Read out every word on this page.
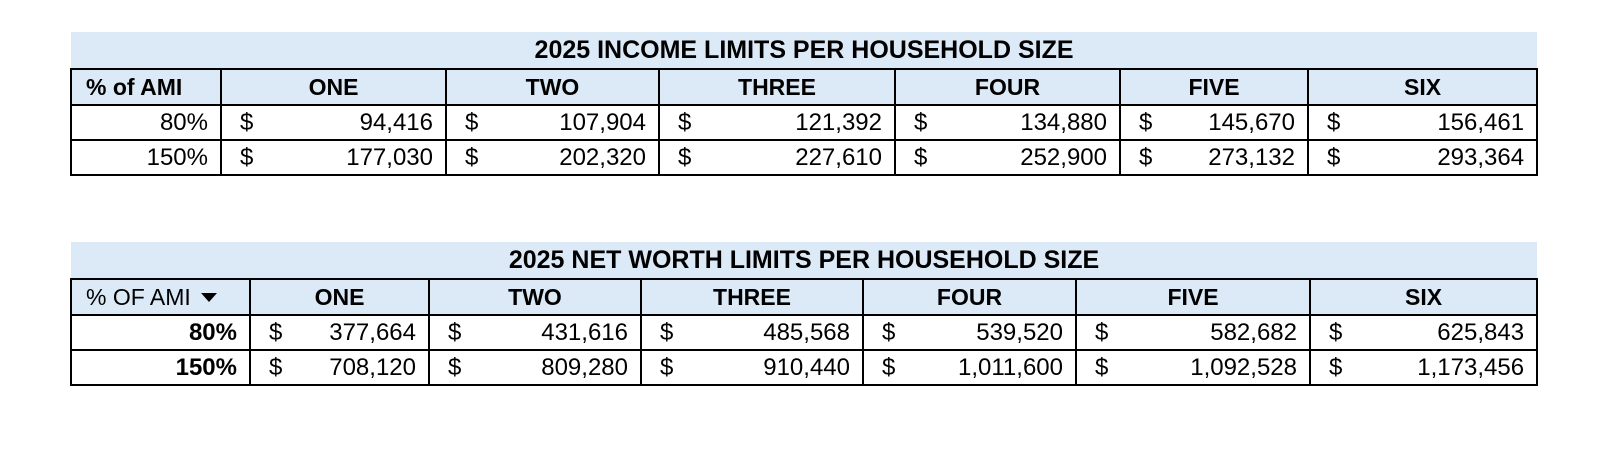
2025 INCOME LIMITS PER HOUSEHOLD SIZE						
% of AMI	ONE	TWO	THREE	FOUR	FIVE	SIX
80%	$ 94,416	$ 107,904	$ 121,392	$ 134,880	$ 145,670	$ 156,461

150%	$ 177,030	$ 202,320	$ 227,610	$ 252,900	$ 273,132	$ 293,364
2025 NET WORTH LIMITS PER HOUSEHOLD SIZE						

% OF AMI	ONE	TWO	THREE	FOUR	FIVE	SIX
80%	$ 377,664	$ 431,616	$ 485,568	$ 539,520	$ 582,682	$ 625,843

150%	$ 708,120	$ 809,280	$ 910,440	$ 1,011,600	$ 1,092,528	$ 1,173,456
